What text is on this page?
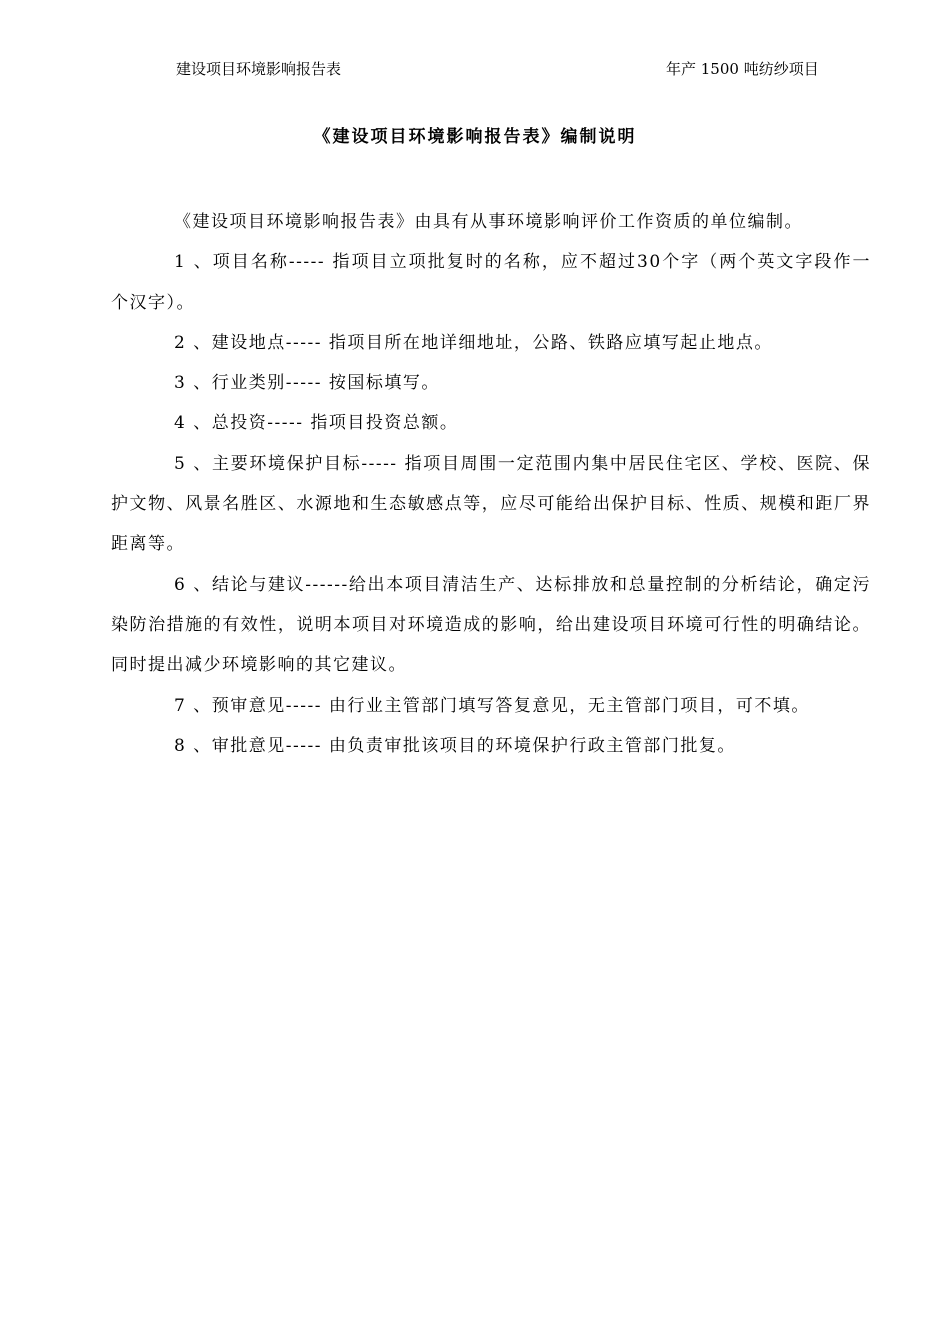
建设项目环境影响报告表	年产 1500 吨纺纱项目
《建设项目环境影响报告表》编制说明

《建设项目环境影响报告表》由具有从事环境影响评价工作资质的单位编制。

1 、项目名称----- 指项目立项批复时的名称，应不超过30个字（两个英文字段作一个汉字）。

2 、建设地点----- 指项目所在地详细地址，公路、铁路应填写起止地点。

3 、行业类别----- 按国标填写。

4 、总投资----- 指项目投资总额。

5 、主要环境保护目标----- 指项目周围一定范围内集中居民住宅区、学校、医院、保护文物、风景名胜区、水源地和生态敏感点等，应尽可能给出保护目标、性质、规模和距厂界距离等。

6 、结论与建议------给出本项目清洁生产、达标排放和总量控制的分析结论，确定污染防治措施的有效性，说明本项目对环境造成的影响，给出建设项目环境可行性的明确结论。同时提出减少环境影响的其它建议。

7 、预审意见----- 由行业主管部门填写答复意见，无主管部门项目，可不填。

8 、审批意见----- 由负责审批该项目的环境保护行政主管部门批复。
